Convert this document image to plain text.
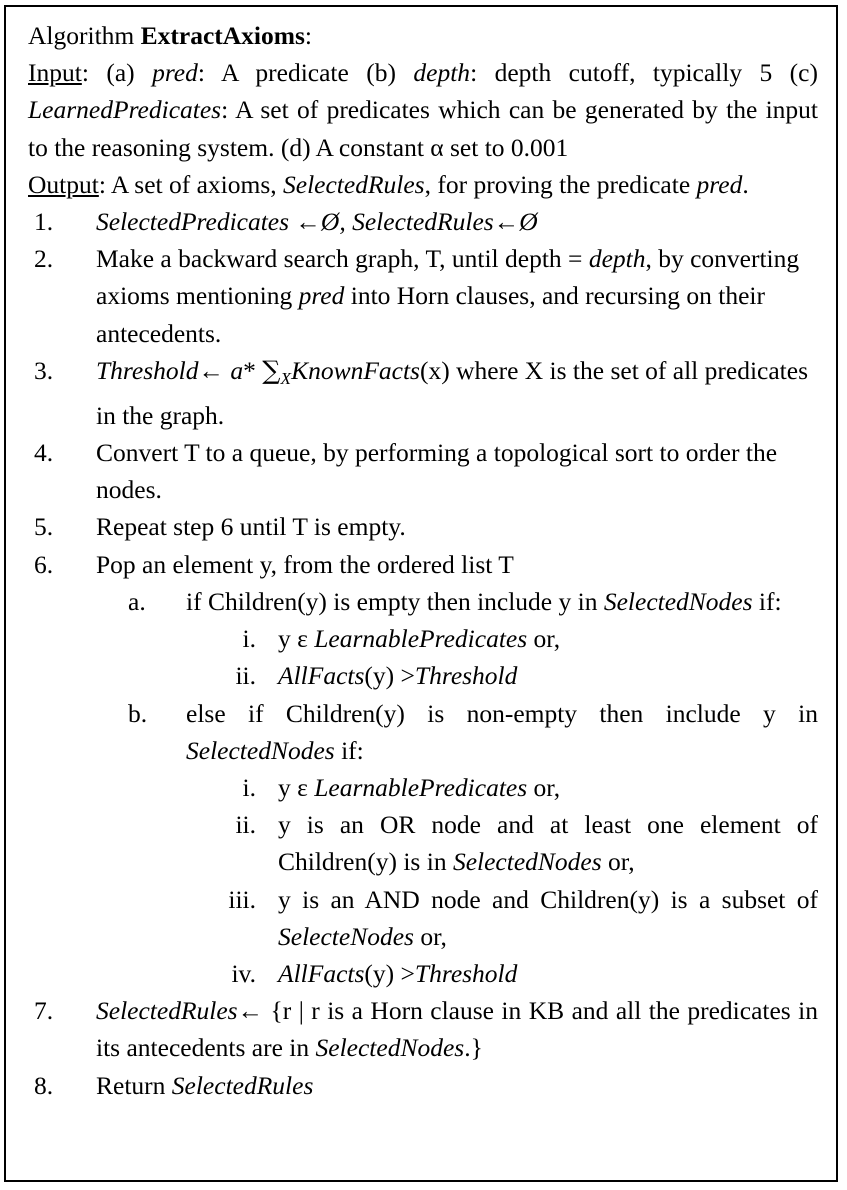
Algorithm ExtractAxioms:
Input: (a) pred: A predicate (b) depth: depth cutoff, typically 5 (c) LearnedPredicates: A set of predicates which can be generated by the input to the reasoning system. (d) A constant α set to 0.001
Output: A set of axioms, SelectedRules, for proving the predicate pred.
1.	SelectedPredicates ←Ø, SelectedRules←Ø
2.	Make a backward search graph, T, until depth = depth, by converting axioms mentioning pred into Horn clauses, and recursing on their antecedents.
3.	Threshold← a* $\sum_XKnownFacts(x)$ where X is the set of all predicates in the graph.
4.	Convert T to a queue, by performing a topological sort to order the nodes.
5.	Repeat step 6 until T is empty.
6.	Pop an element y, from the ordered list T
a.	if Children(y) is empty then include y in SelectedNodes if:
i. y ε LearnablePredicates or,
ii. AllFacts(y) >Threshold
b.	else if Children(y) is non-empty then include y in SelectedNodes if:
i. y ε LearnablePredicates or,
ii. y is an OR node and at least one element of Children(y) is in SelectedNodes or,
iii. y is an AND node and Children(y) is a subset of SelecteNodes or,
iv. AllFacts(y) >Threshold
7.	SelectedRules← {r | r is a Horn clause in KB and all the predicates in its antecedents are in SelectedNodes.}
8.	Return SelectedRules
